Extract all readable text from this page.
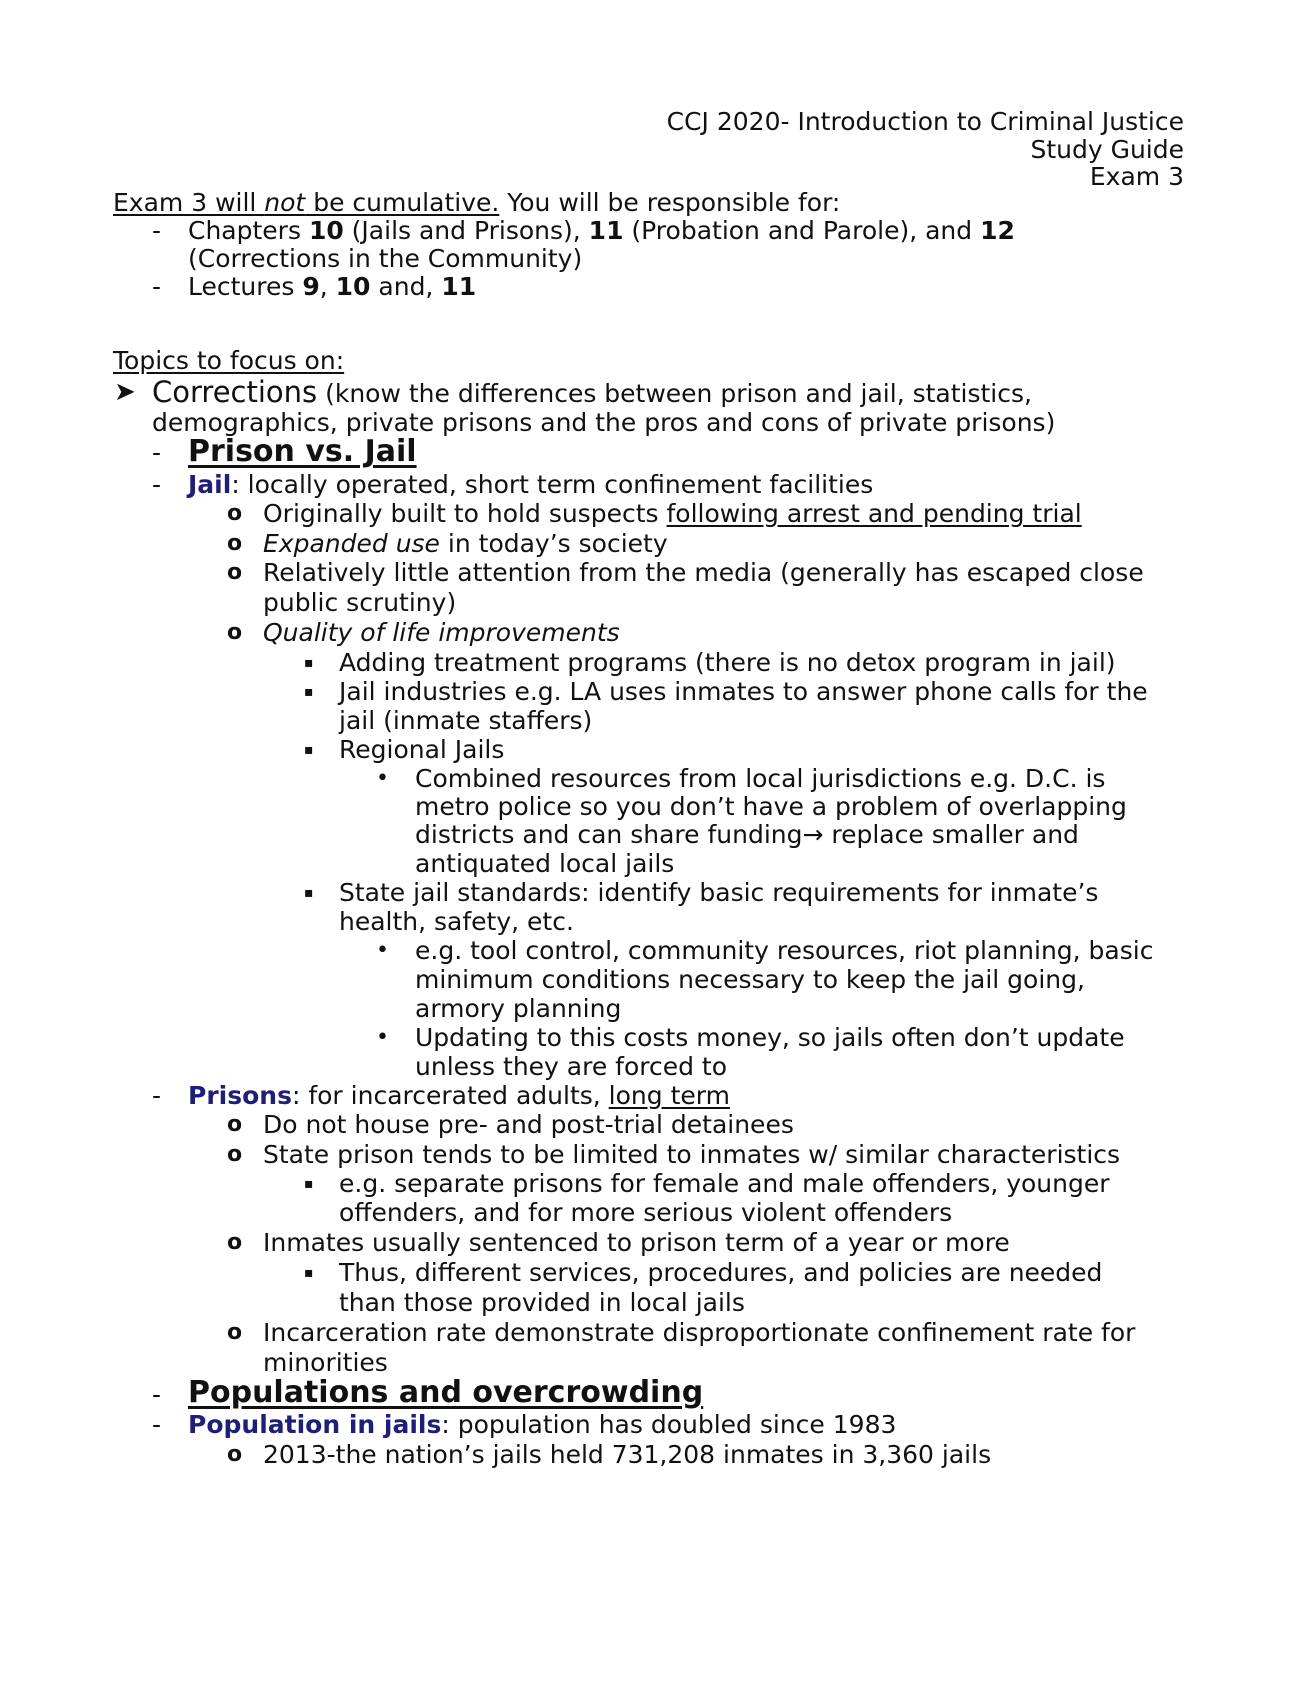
CCJ 2020- Introduction to Criminal Justice
Study Guide
Exam 3
Exam 3 will not be cumulative. You will be responsible for:
- Chapters 10 (Jails and Prisons), 11 (Probation and Parole), and 12
(Corrections in the Community)
- Lectures 9, 10 and, 11
Topics to focus on:
➤ Corrections (know the differences between prison and jail, statistics,
demographics, private prisons and the pros and cons of private prisons)
- Prison vs. Jail
- Jail: locally operated, short term confinement facilities
o Originally built to hold suspects following arrest and pending trial
o Expanded use in today’s society
o Relatively little attention from the media (generally has escaped close
public scrutiny)
o Quality of life improvements
▪ Adding treatment programs (there is no detox program in jail)
▪ Jail industries e.g. LA uses inmates to answer phone calls for the
jail (inmate staffers)
▪ Regional Jails
• Combined resources from local jurisdictions e.g. D.C. is
metro police so you don’t have a problem of overlapping
districts and can share funding→ replace smaller and
antiquated local jails
▪ State jail standards: identify basic requirements for inmate’s
health, safety, etc.
• e.g. tool control, community resources, riot planning, basic
minimum conditions necessary to keep the jail going,
armory planning
• Updating to this costs money, so jails often don’t update
unless they are forced to
- Prisons: for incarcerated adults, long term
o Do not house pre- and post-trial detainees
o State prison tends to be limited to inmates w/ similar characteristics
▪ e.g. separate prisons for female and male offenders, younger
offenders, and for more serious violent offenders
o Inmates usually sentenced to prison term of a year or more
▪ Thus, different services, procedures, and policies are needed
than those provided in local jails
o Incarceration rate demonstrate disproportionate confinement rate for
minorities
- Populations and overcrowding
- Population in jails: population has doubled since 1983
o 2013-the nation’s jails held 731,208 inmates in 3,360 jails
